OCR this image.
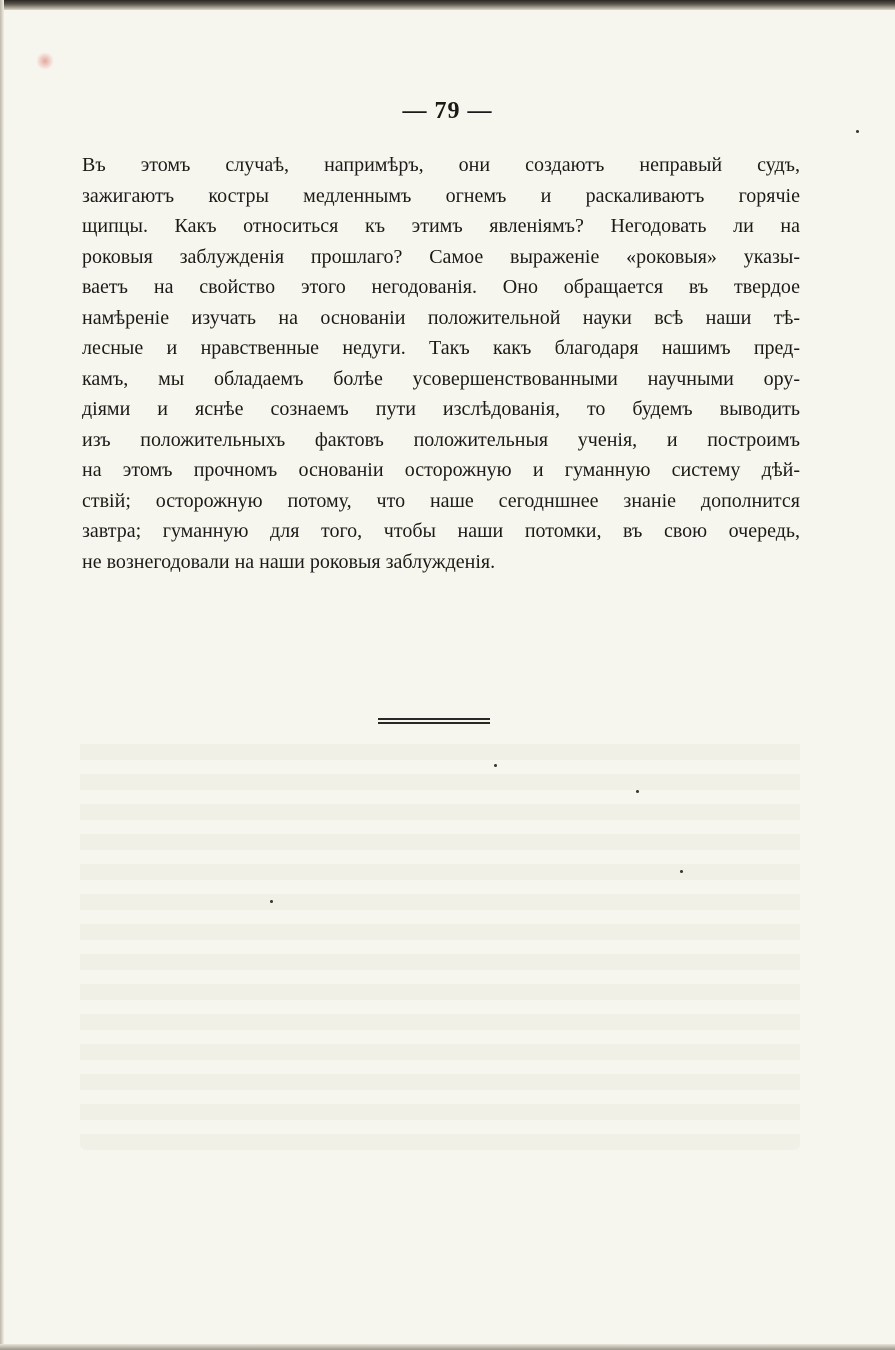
— 79 —
Въ этомъ случаѣ, напримѣръ, они создаютъ неправый судъ,
зажигаютъ костры медленнымъ огнемъ и раскаливаютъ горячіе
щипцы. Какъ относиться къ этимъ явленіямъ? Негодовать ли на
роковыя заблужденія прошлаго? Самое выраженіе «роковыя» указы-
ваетъ на свойство этого негодованія. Оно обращается въ твердое
намѣреніе изучать на основаніи положительной науки всѣ наши тѣ-
лесные и нравственные недуги. Такъ какъ благодаря нашимъ пред-
камъ, мы обладаемъ болѣе усовершенствованными научными ору-
діями и яснѣе сознаемъ пути изслѣдованія, то будемъ выводить
изъ положительныхъ фактовъ положительныя ученія, и построимъ
на этомъ прочномъ основаніи осторожную и гуманную систему дѣй-
ствій; осторожную потому, что наше сегодншнее знаніе дополнится
завтра; гуманную для того, чтобы наши потомки, въ свою очередь,
не вознегодовали на наши роковыя заблужденія.
